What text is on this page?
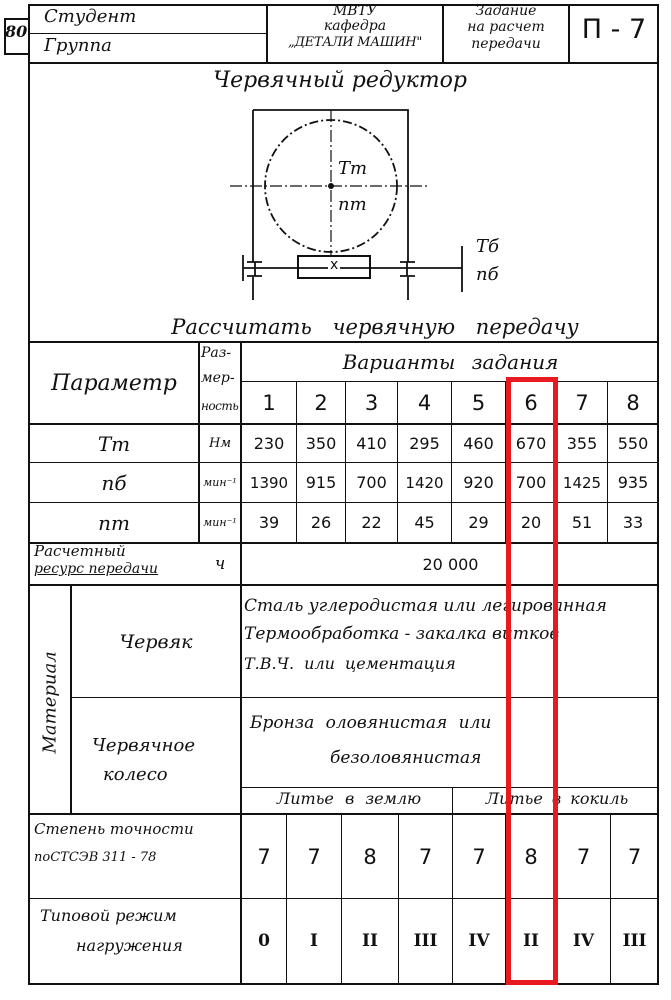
80
Студент
Группа
МВТУ
кафедра
„ДЕТАЛИ МАШИН"
Задание
на расчет
передачи	П - 7
Червячный редуктор
Tт
nт
Tб
nб
x
Рассчитать червячную передачу
Параметр
Раз-
мер-
ность
Варианты задания
1	2	3	4	5	6	7	8
Tт	Нм	230	350	410	295	460	670	355	550
nб	мин⁻¹ 1390	915	700	1420	920	700	1425	935
nт	мин⁻¹	39	26	22	45	29	20	51	33
Расчетный
ресурс передачи	ч	20 000
Материал
Червяк
Сталь углеродистая или легированная
Термообработка - закалка витков
Т.В.Ч. или цементация
Червячное
колесо
Бронза оловянистая или
безоловянистая
Литье в землю	Литье в кокиль
Степень точности
поСТСЭВ 311 - 78	7	7	8	7	7	8	7	7
Типовой режим
нагружения	0	I	II	III	IV	II	IV	III
